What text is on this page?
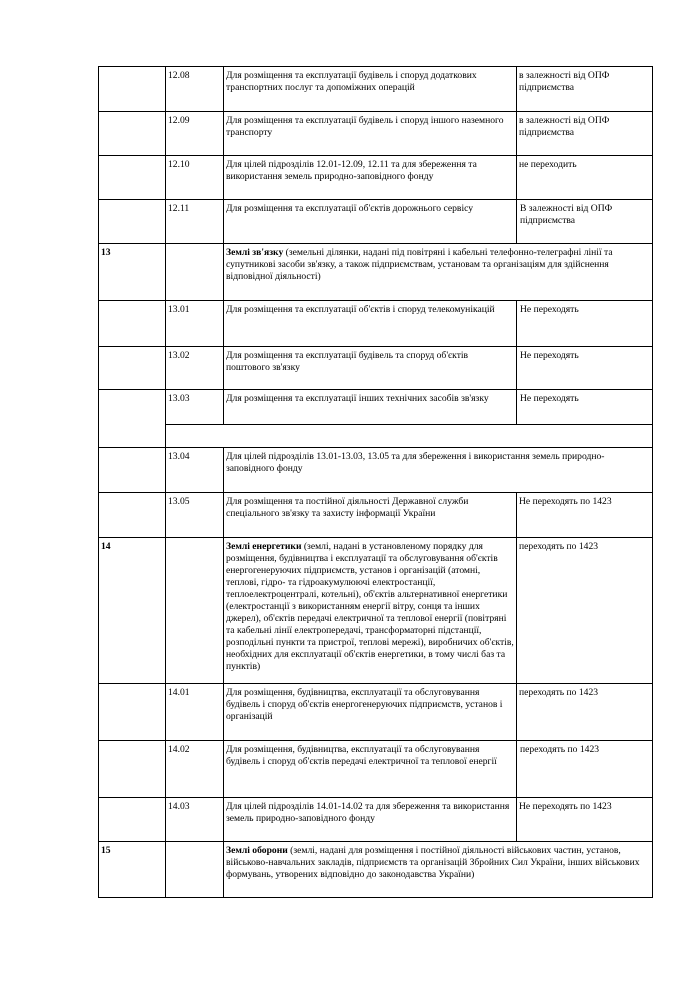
	12.08	Для розміщення та експлуатації будівель і споруд додаткових транспортних послуг та допоміжних операцій	в залежності від ОПФ підприємства
	12.09	Для розміщення та експлуатації будівель і споруд іншого наземного транспорту	в залежності від ОПФ підприємства
	12.10	Для цілей підрозділів 12.01-12.09, 12.11 та для збереження та використання земель природно-заповідного фонду	не переходить
	12.11	Для розміщення та експлуатації об'єктів дорожнього сервісу	В залежності від ОПФ підприємства
13		Землі зв'язку (земельні ділянки, надані під повітряні і кабельні телефонно-телеграфні лінії та супутникові засоби зв'язку, а також підприємствам, установам та організаціям для здійснення відповідної діяльності)	
	13.01	Для розміщення та експлуатації об'єктів і споруд телекомунікацій	Не переходять
	13.02	Для розміщення та експлуатації будівель та споруд об'єктів поштового зв'язку	Не переходять
	13.03	Для розміщення та експлуатації інших технічних засобів зв'язку	Не переходять

	13.04	Для цілей підрозділів 13.01-13.03, 13.05 та для збереження і використання земель природно-заповідного фонду	
	13.05	Для розміщення та постійної діяльності Державної служби спеціального зв'язку та захисту інформації України	Не переходять по 1423
14		Землі енергетики (землі, надані в установленому порядку для розміщення, будівництва і експлуатації та обслуговування об'єктів енергогенеруючих підприємств, установ і організацій (атомні, теплові, гідро- та гідроакумулюючі електростанції, теплоелектроцентралі, котельні), об'єктів альтернативної енергетики (електростанції з використанням енергії вітру, сонця та інших джерел), об'єктів передачі електричної та теплової енергії (повітряні та кабельні лінії електропередачі, трансформаторні підстанції, розподільні пункти та пристрої, теплові мережі), виробничих об'єктів, необхідних для експлуатації об'єктів енергетики, в тому числі баз та пунктів)	переходять по 1423
	14.01	Для розміщення, будівництва, експлуатації та обслуговування будівель і споруд об'єктів енергогенеруючих підприємств, установ і організацій	переходять по 1423
	14.02	Для розміщення, будівництва, експлуатації та обслуговування будівель і споруд об'єктів передачі електричної та теплової енергії	переходять по 1423
	14.03	Для цілей підрозділів 14.01-14.02 та для збереження та використання земель природно-заповідного фонду	Не переходять по 1423
15		Землі оборони (землі, надані для розміщення і постійної діяльності військових частин, установ, військово-навчальних закладів, підприємств та організацій Збройних Сил України, інших військових формувань, утворених відповідно до законодавства України)	
